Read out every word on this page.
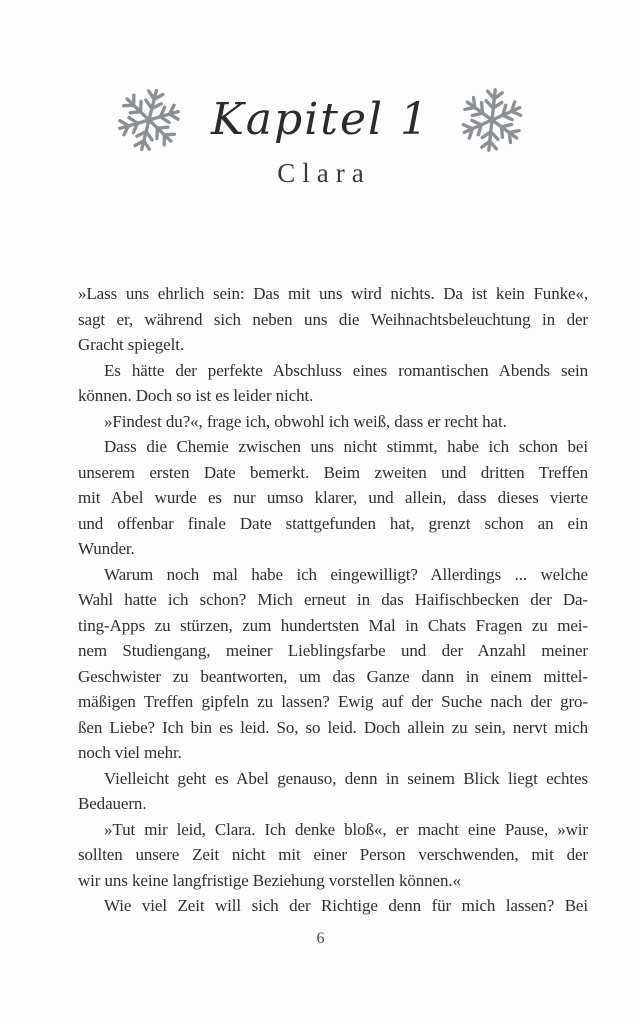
Kapitel 1
Clara

»Lass uns ehrlich sein: Das mit uns wird nichts. Da ist kein Funke«,
sagt er, während sich neben uns die Weihnachtsbeleuchtung in der
Gracht spiegelt.

Es hätte der perfekte Abschluss eines romantischen Abends sein
können. Doch so ist es leider nicht.

»Findest du?«, frage ich, obwohl ich weiß, dass er recht hat.

Dass die Chemie zwischen uns nicht stimmt, habe ich schon bei
unserem ersten Date bemerkt. Beim zweiten und dritten Treffen
mit Abel wurde es nur umso klarer, und allein, dass dieses vierte
und offenbar finale Date stattgefunden hat, grenzt schon an ein
Wunder.

Warum noch mal habe ich eingewilligt? Allerdings ... welche
Wahl hatte ich schon? Mich erneut in das Haifischbecken der Da-
ting-Apps zu stürzen, zum hundertsten Mal in Chats Fragen zu mei-
nem Studiengang, meiner Lieblingsfarbe und der Anzahl meiner
Geschwister zu beantworten, um das Ganze dann in einem mittel-
mäßigen Treffen gipfeln zu lassen? Ewig auf der Suche nach der gro-
ßen Liebe? Ich bin es leid. So, so leid. Doch allein zu sein, nervt mich
noch viel mehr.

Vielleicht geht es Abel genauso, denn in seinem Blick liegt echtes
Bedauern.

»Tut mir leid, Clara. Ich denke bloß«, er macht eine Pause, »wir
sollten unsere Zeit nicht mit einer Person verschwenden, mit der
wir uns keine langfristige Beziehung vorstellen können.«

Wie viel Zeit will sich der Richtige denn für mich lassen? Bei

6
